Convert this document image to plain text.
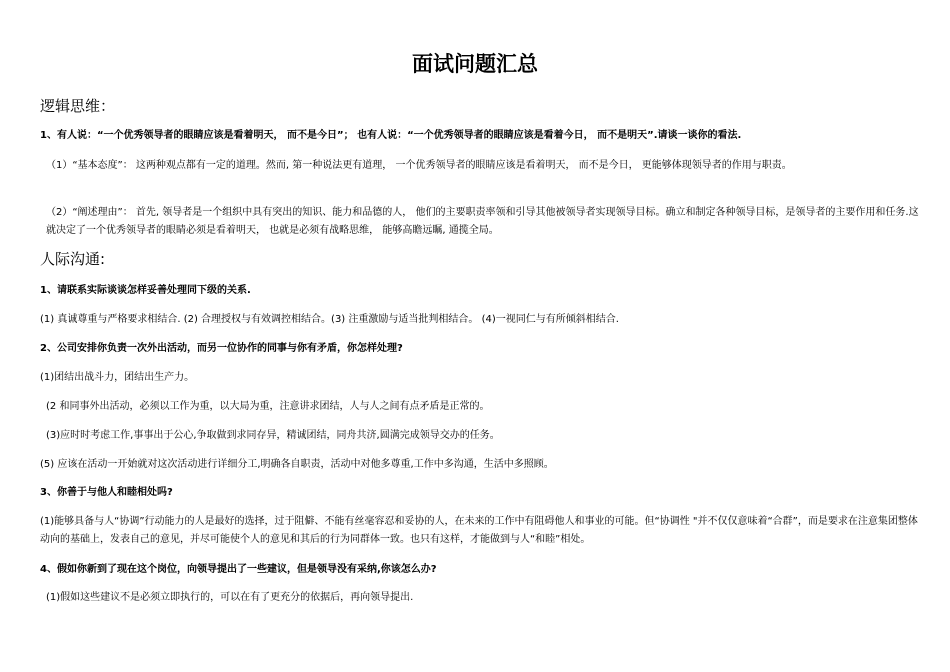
面试问题汇总
逻辑思维：
1、有人说：“一个优秀领导者的眼睛应该是看着明天， 而不是今日”； 也有人说：“一个优秀领导者的眼睛应该是看着今日， 而不是明天”.请谈一谈你的看法.
（1）“基本态度”： 这两种观点都有一定的道理。然而, 第一种说法更有道理， 一个优秀领导者的眼睛应该是看着明天， 而不是今日， 更能够体现领导者的作用与职责。
（2）“阐述理由”： 首先, 领导者是一个组织中具有突出的知识、能力和品德的人， 他们的主要职责率领和引导其他被领导者实现领导目标。确立和制定各种领导目标，是领导者的主要作用和任务.这就决定了一个优秀领导者的眼睛必须是看着明天， 也就是必须有战略思维， 能够高瞻远瞩, 通揽全局。
人际沟通:
1、请联系实际谈谈怎样妥善处理同下级的关系.
(1) 真诚尊重与严格要求相结合. (2) 合理授权与有效调控相结合。(3) 注重激励与适当批判相结合。 (4)一视同仁与有所倾斜相结合.
2、公司安排你负责一次外出活动，而另一位协作的同事与你有矛盾，你怎样处理?
(1)团结出战斗力，团结出生产力。
(2 和同事外出活动，必须以工作为重，以大局为重，注意讲求团结，人与人之间有点矛盾是正常的。
(3)应时时考虑工作,事事出于公心,争取做到求同存异，精诚团结，同舟共济,圆满完成领导交办的任务。
(5) 应该在活动一开始就对这次活动进行详细分工,明确各自职责，活动中对他多尊重,工作中多沟通，生活中多照顾。
3、你善于与他人和睦相处吗?
(1)能够具备与人“协调”行动能力的人是最好的选择，过于阻僻、不能有丝毫容忍和妥协的人，在未来的工作中有阻碍他人和事业的可能。但“协调性 "并不仅仅意味着“合群”，而是要求在注意集团整体动向的基础上，发表自己的意见，并尽可能使个人的意见和其后的行为同群体一致。也只有这样，才能做到与人“和睦”相处。
4、假如你新到了现在这个岗位，向领导提出了一些建议，但是领导没有采纳,你该怎么办?
(1)假如这些建议不是必须立即执行的，可以在有了更充分的依据后，再向领导提出.
